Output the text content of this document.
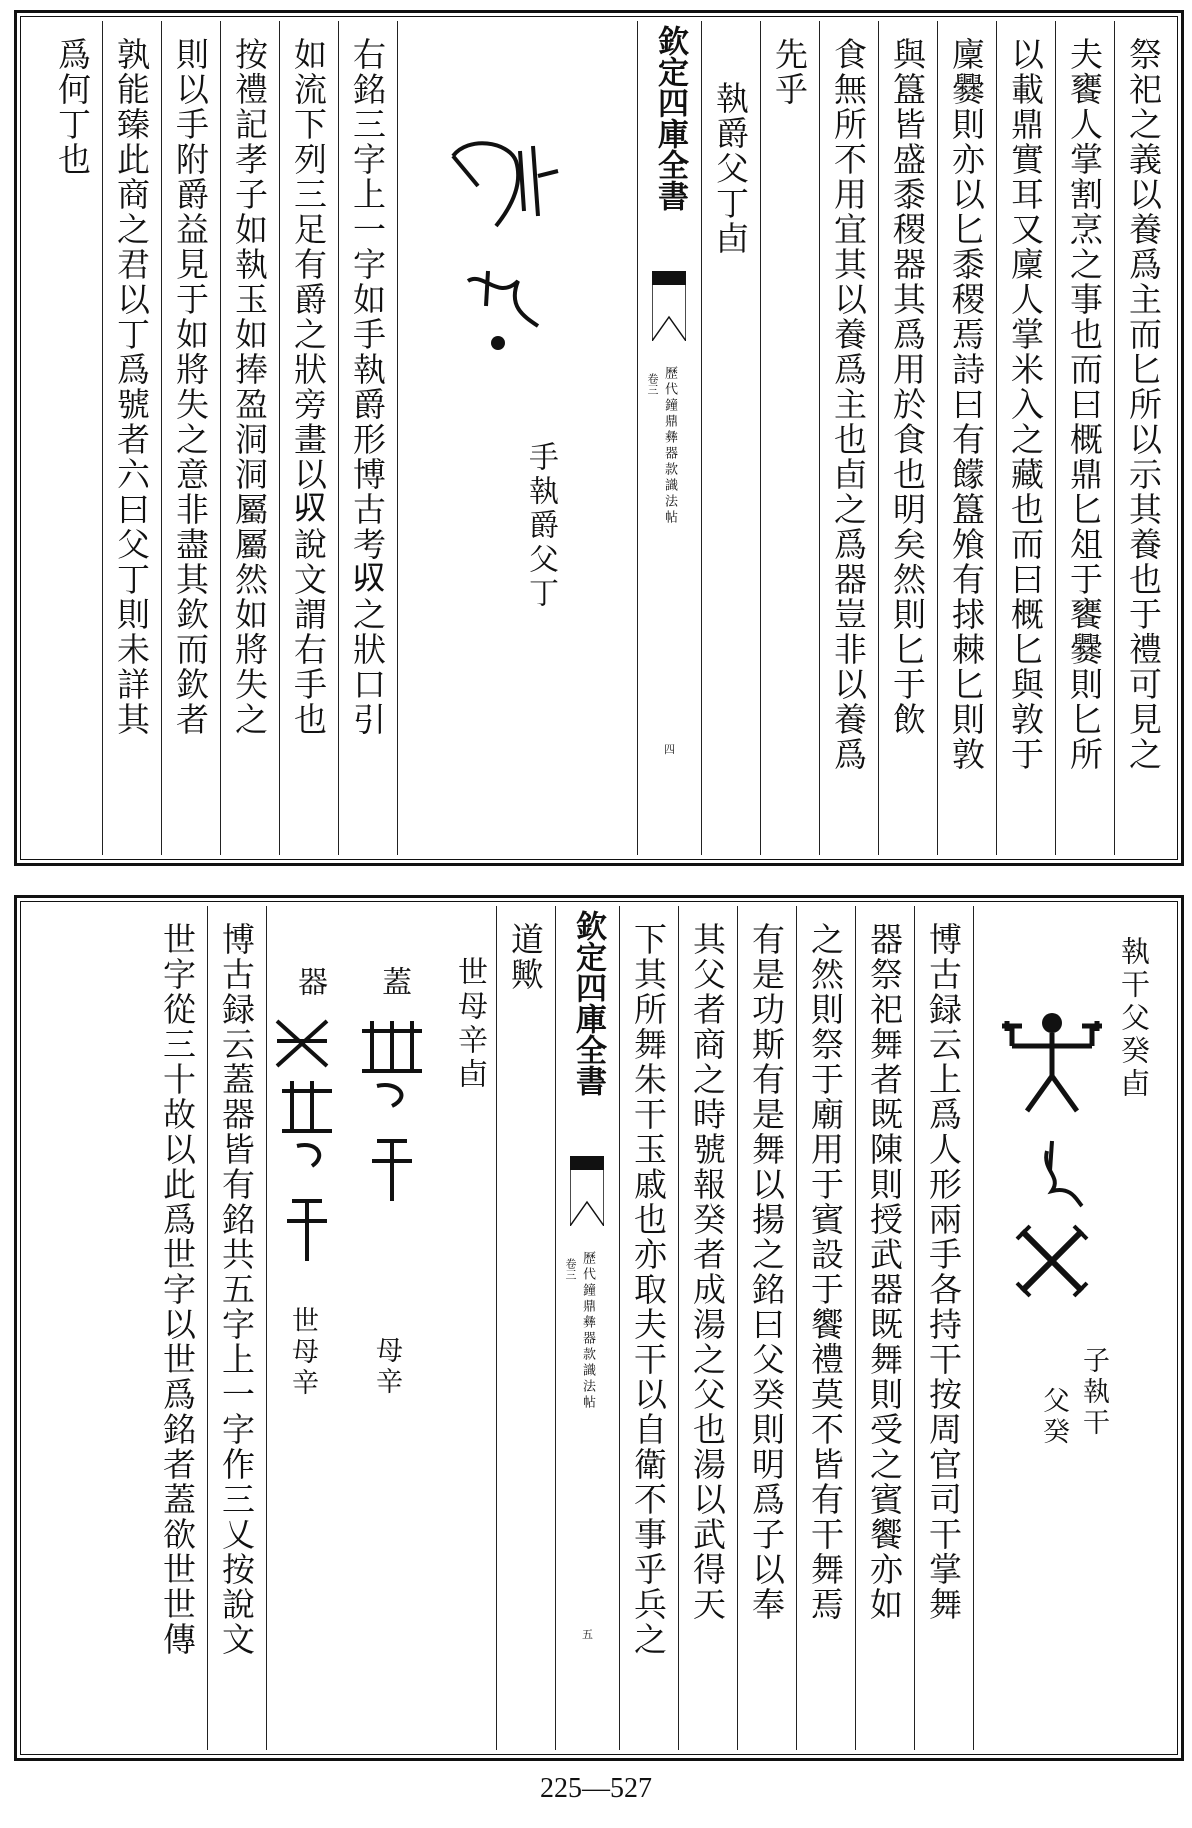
祭祀之義以養爲主而匕所以示其養也于禮可見之
夫饔人掌割烹之事也而曰概鼎匕俎于饔爨則匕所
以載鼎實耳又廩人掌米入之藏也而曰概匕與敦于
廩爨則亦以匕黍稷焉詩曰有饛簋飧有捄棘匕則敦
與簋皆盛黍稷器其爲用於食也明矣然則匕于飲
食無所不用宜其以養爲主也卣之爲器豈非以養爲
先乎
執爵父丁卣
欽定四庫全書
卷三 歷代鐘鼎彝器款識法帖
四
手執爵父丁
右銘三字上一字如手執爵形博古考𠬞之狀口引
如流下列三足有爵之狀旁畫以𠬞說文謂右手也
按禮記孝子如執玉如捧盈洞洞屬屬然如將失之
則以手附爵益見于如將失之意非盡其欽而欽者
孰能臻此商之君以丁爲號者六曰父丁則未詳其
爲何丁也
執干父癸卣
子執干
父癸
博古録云上爲人形兩手各持干按周官司干掌舞
器祭祀舞者既陳則授武器既舞則受之賓饗亦如
之然則祭于廟用于賓設于饗禮莫不皆有干舞焉
有是功斯有是舞以揚之銘曰父癸則明爲子以奉
其父者商之時號報癸者成湯之父也湯以武得天
下其所舞朱干玉戚也亦取夫干以自衛不事乎兵之
欽定四庫全書
卷三 歷代鐘鼎彝器款識法帖
五
道歟
世母辛卣
蓋
器
母辛
世母辛
博古録云蓋器皆有銘共五字上一字作三乂按說文
世字從三十故以此爲世字以世爲銘者蓋欲世世傳
225—527
